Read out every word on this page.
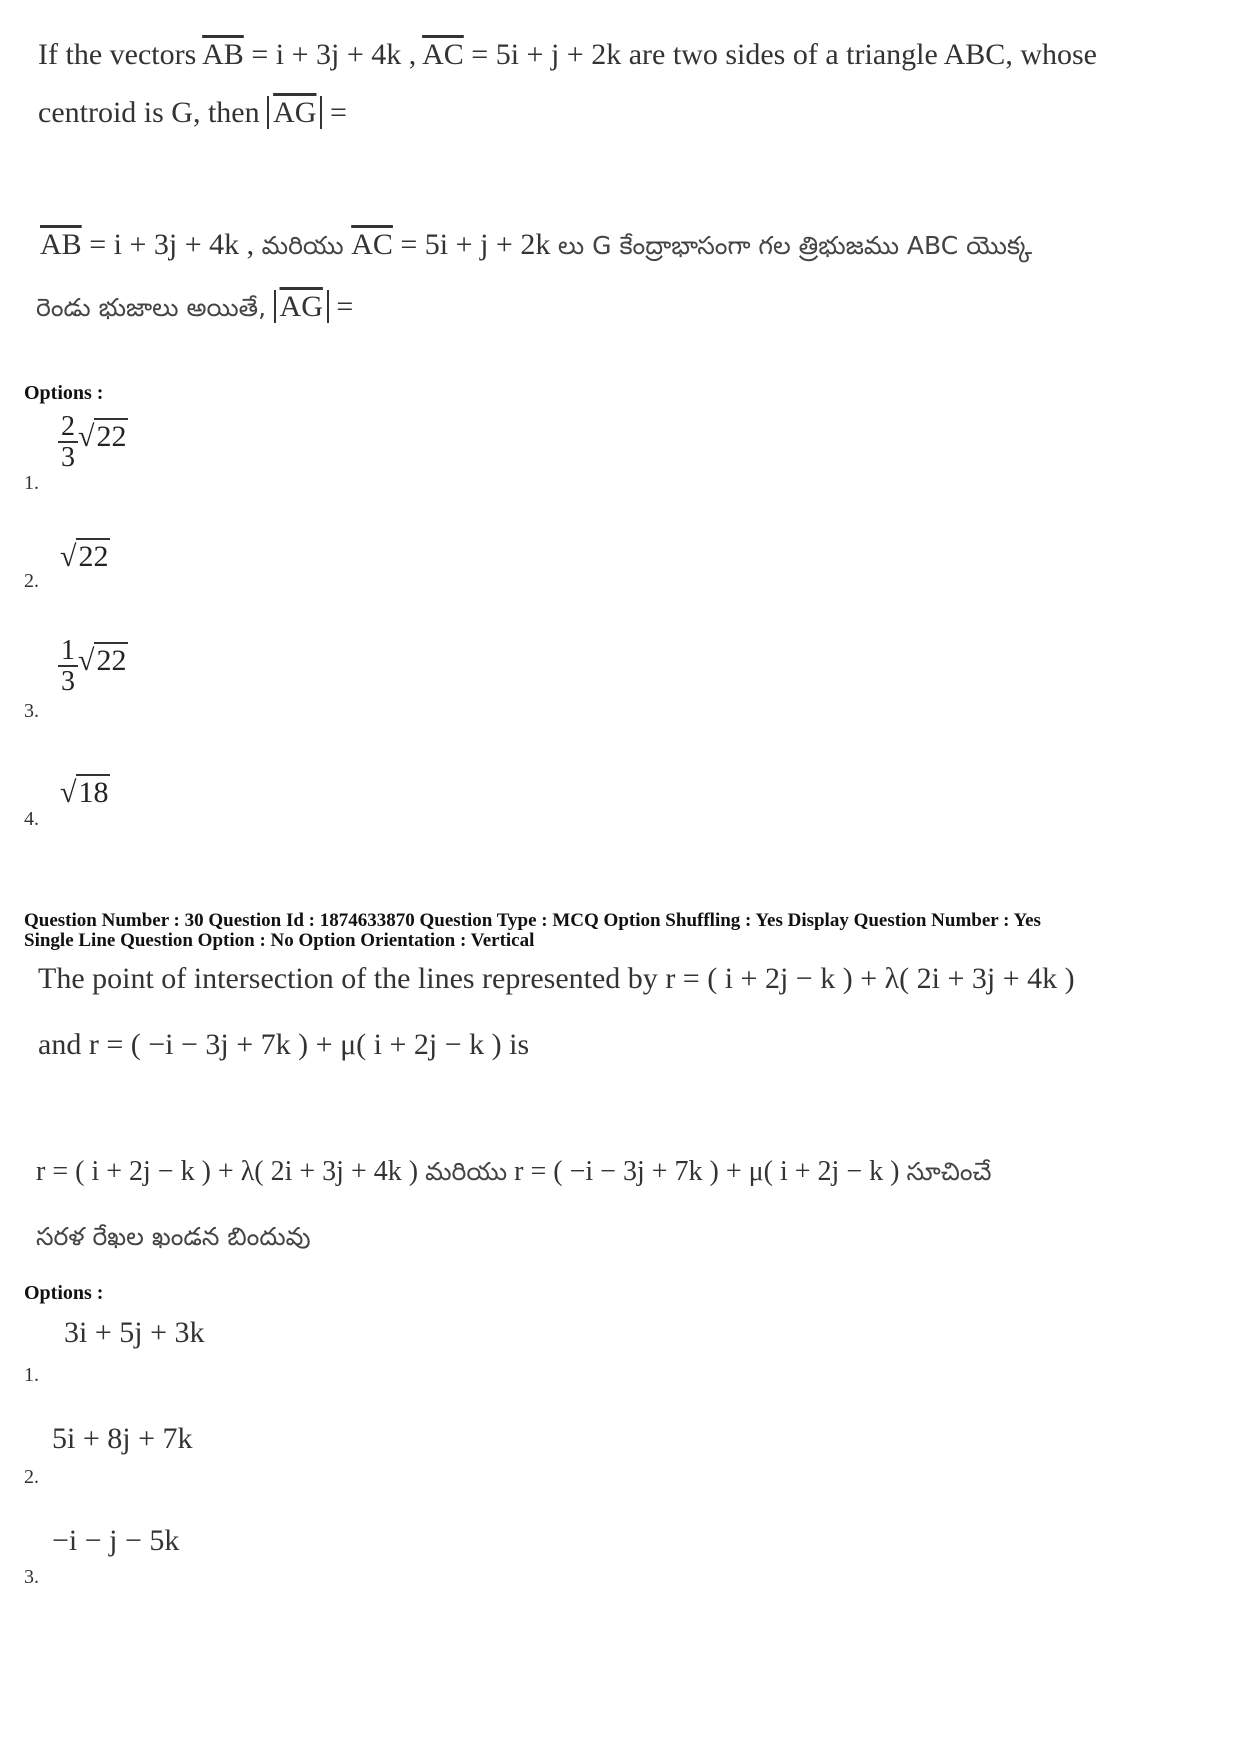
If the vectors $\overline{AB} = i + 3j + 4k$ , $\overline{AC} = 5i + j + 2k$ are two sides of a triangle ABC, whose
centroid is G, then $\overline{AG}$ =
$\overline{AB} = i + 3j + 4k$ , మరియు $\overline{AC} = 5i + j + 2k$ లు G కేంద్రాభాసంగా గల త్రిభుజము ABC యొక్క
రెండు భుజాలు అయితే, $\overline{AG}$ =
Options :
1.
$\frac{2}{3} √22$
2.
√22
3.
$\frac{1}{3} √22$
4.
√18
Question Number : 30 Question Id : 1874633870 Question Type : MCQ Option Shuffling : Yes Display Question Number : Yes
Single Line Question Option : No Option Orientation : Vertical
The point of intersection of the lines represented by r = ( i + 2j − k ) + λ( 2i + 3j + 4k )
and r = ( −i − 3j + 7k ) + μ( i + 2j − k ) is
r = ( i + 2j − k ) + λ( 2i + 3j + 4k ) మరియు r = ( −i − 3j + 7k ) + μ( i + 2j − k ) సూచించే
సరళ రేఖల ఖండన బిందువు
Options :
1.
3i + 5j + 3k
2.
5i + 8j + 7k
3.
−i − j − 5k
